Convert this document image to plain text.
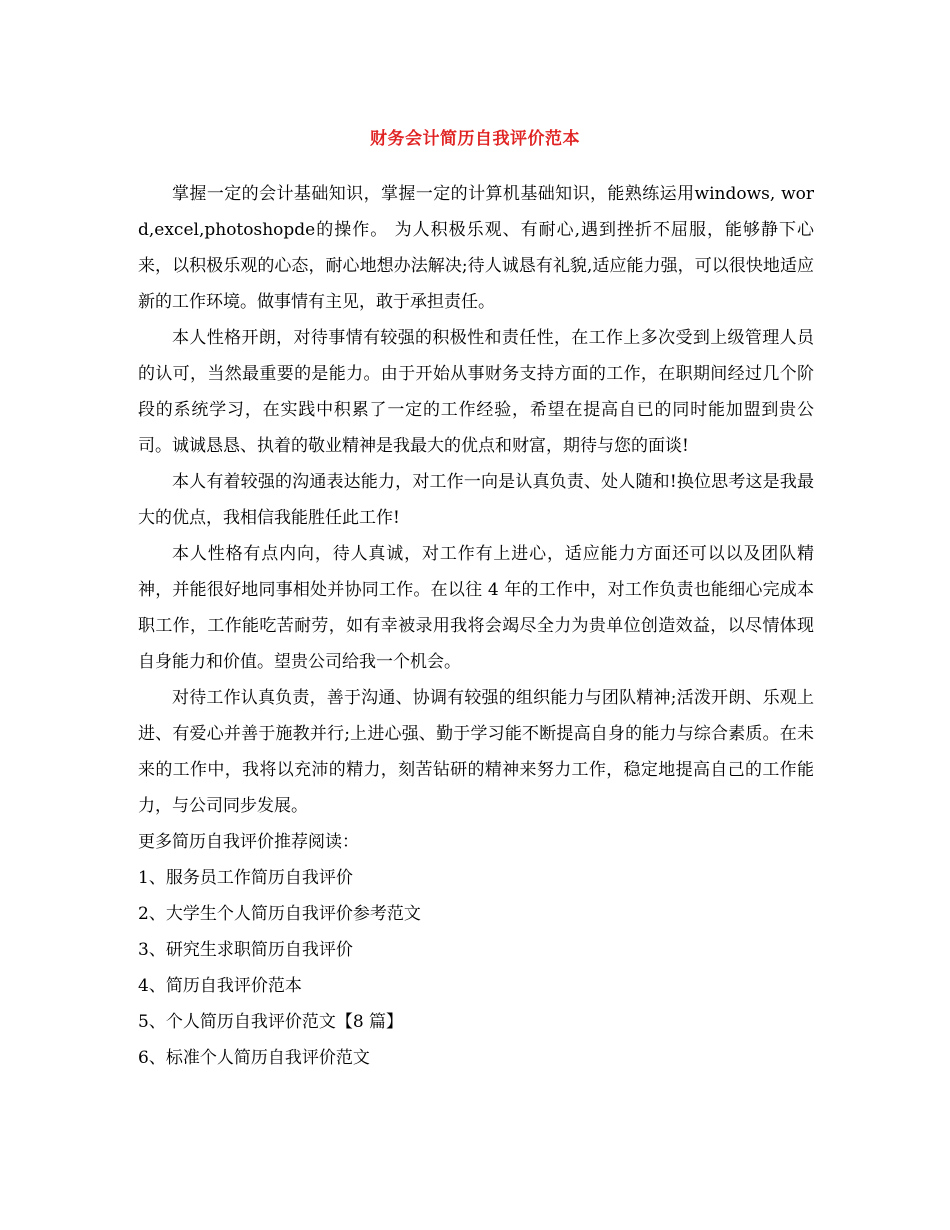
财务会计简历自我评价范本

掌握一定的会计基础知识，掌握一定的计算机基础知识，能熟练运用windows, word,excel,photoshopde的操作。 为人积极乐观、有耐心,遇到挫折不屈服，能够静下心来，以积极乐观的心态，耐心地想办法解决;待人诚恳有礼貌,适应能力强，可以很快地适应新的工作环境。做事情有主见，敢于承担责任。

本人性格开朗，对待事情有较强的积极性和责任性，在工作上多次受到上级管理人员的认可，当然最重要的是能力。由于开始从事财务支持方面的工作，在职期间经过几个阶段的系统学习，在实践中积累了一定的工作经验，希望在提高自已的同时能加盟到贵公司。诚诚恳恳、执着的敬业精神是我最大的优点和财富，期待与您的面谈!

本人有着较强的沟通表达能力，对工作一向是认真负责、处人随和!换位思考这是我最大的优点，我相信我能胜任此工作!

本人性格有点内向，待人真诚，对工作有上进心，适应能力方面还可以以及团队精神，并能很好地同事相处并协同工作。在以往 4 年的工作中，对工作负责也能细心完成本职工作，工作能吃苦耐劳，如有幸被录用我将会竭尽全力为贵单位创造效益，以尽情体现自身能力和价值。望贵公司给我一个机会。

对待工作认真负责，善于沟通、协调有较强的组织能力与团队精神;活泼开朗、乐观上进、有爱心并善于施教并行;上进心强、勤于学习能不断提高自身的能力与综合素质。在未来的工作中，我将以充沛的精力，刻苦钻研的精神来努力工作，稳定地提高自己的工作能力，与公司同步发展。

更多简历自我评价推荐阅读：

1、服务员工作简历自我评价
2、大学生个人简历自我评价参考范文
3、研究生求职简历自我评价
4、简历自我评价范本
5、个人简历自我评价范文【8 篇】
6、标准个人简历自我评价范文
